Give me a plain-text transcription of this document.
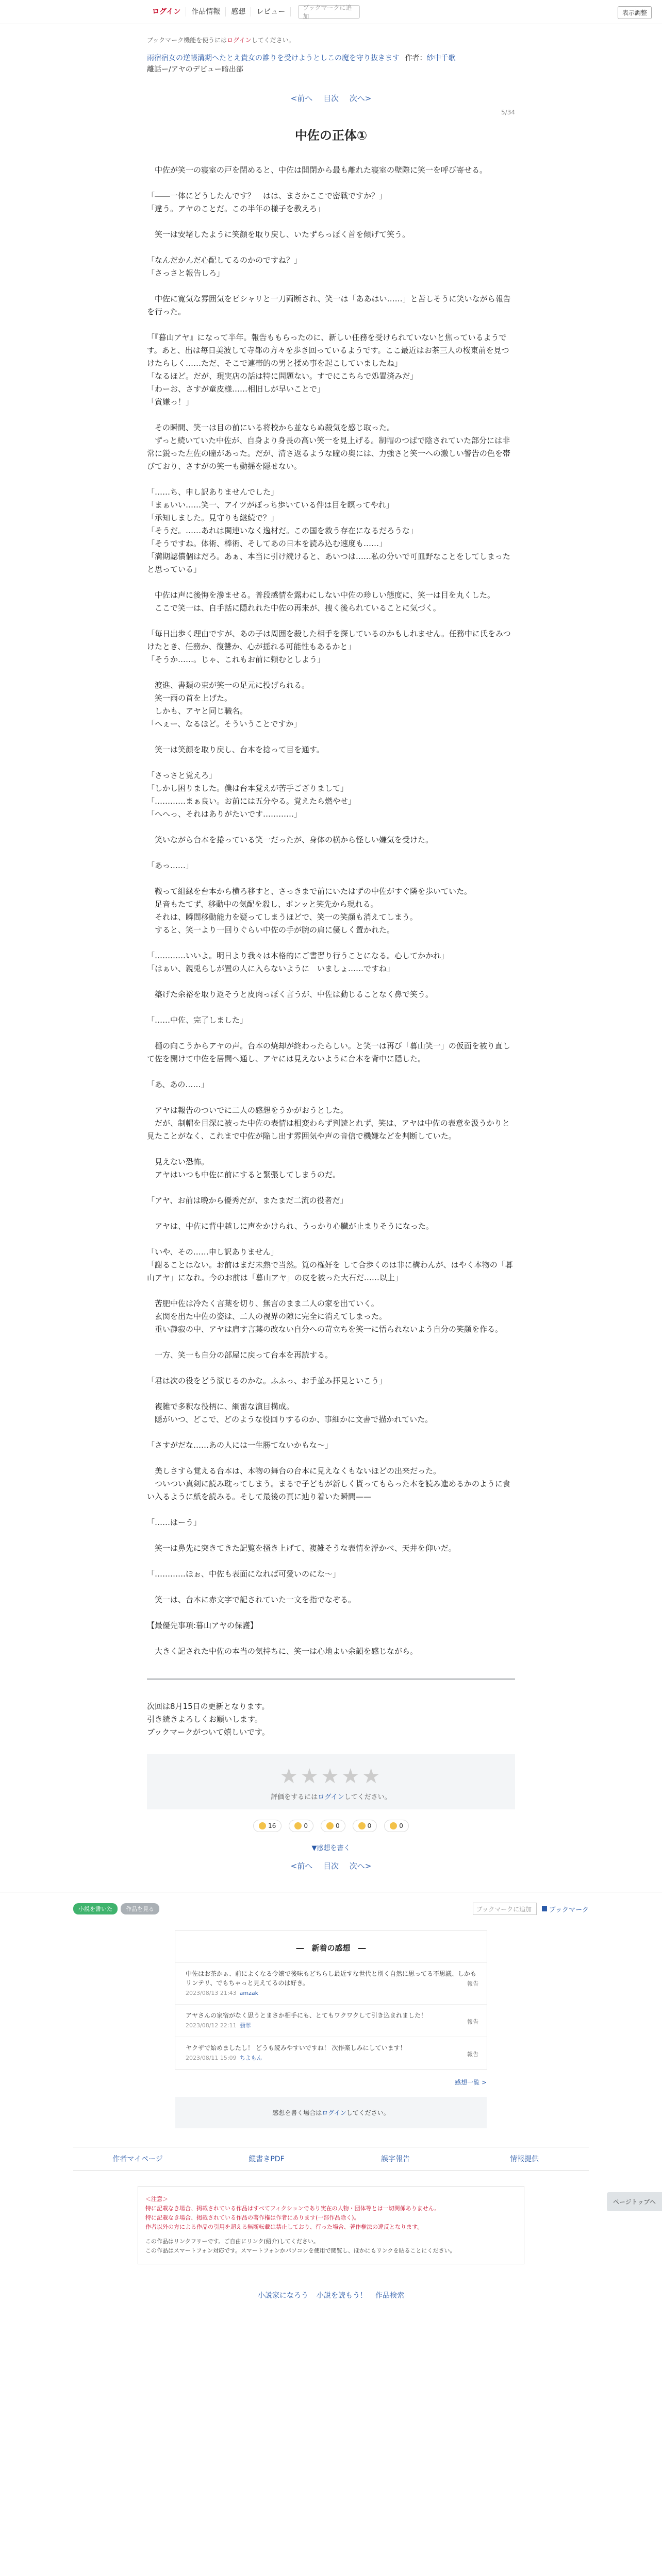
ログイン	作品情報	感想	レビュー	ブックマークに追加	表示調整
ブックマーク機能を使うにはログインしてください。
雨宿宿女の逆帳溝期へたとえ貴女の誰りを受けようとしこの魔を守り抜きます 作者：紗中千歌
離話ー/アヤのデビュー暗出部
<前へ 目次 次へ>
5/34
中佐の正体①

　中佐が笑一の寝室の戸を閉めると、中佐は開閉から最も離れた寝室の壁際に笑一を呼び寄せる。

「――一体にどうしたんです？　はは、まさかここで密戦ですか？」

「違う。アヤのことだ。この半年の様子を教えろ」

　笑一は安堵したように笑顔を取り戻し、いたずらっぽく首を傾げて笑う。

「なんだかんだ心配してるのかのですね？」

「さっさと報告しろ」

　中佐に寛気な雰囲気をピシャリと一刀両断され、笑一は「ああはい……」と苦しそうに笑いながら報告を行った。

「『暮山アヤ』になって半年。報告ももらったのに、新しい任務を受けられていないと焦っているようです。あと、出は毎日美波して寺都の方々を歩き回っているようです。ここ最近はお茶三人の桜東前を見つけたらしく……ただ、そこで連帯的の男と揉め事を起こしていましたね」

「なるほど。だが、現実店の話は特に問題ない。すでにこちらで処置済みだ」

「わーお、さすが童皮様……相旧しが早いことで」

「賞嫌っ！」

　その瞬間、笑一は目の前にいる将校から並ならぬ殺気を感じ取った。

　ずっと続いていた中佐が、自身より身長の高い笑一を見上げる。制帽のつばで陰されていた部分には非常に鋭った左佐の瞳があった。だが、清さ返るような瞳の奥には、力強さと笑一への激しい警告の色を帯びており、さすがの笑一も動揺を隠せない。

「……ち、申し訳ありませんでした」

「まぁいい……笑一、アイツがぼっち歩いている件は目を瞑ってやれ」

「承知しました。見守りも継続で？」

「そうだ。……あれは関連いなく逸材だ。この国を救う存在になるだろうな」

「そうですね。体術、棒術、そしてあの日本を読み込む速度も……」

「満期認償個はだろ。あぁ、本当に引け続けると、あいつは……私の分いで可皿野なことをしてしまったと思っている」

　中佐は声に後悔を滲ませる。普段感情を露わにしない中佐の珍しい態度に、笑一は目を丸くした。

　ここで笑一は、自手話に隠れれた中佐の再来が、捜く後られていることに気づく。

「毎日出歩く理由ですが、あの子は周囲を殺した相手を探しているのかもしれません。任務中に氏をみつけたとき、任務か、復讐か、心が揺れる可能性もあるかと」

「そうか……。じゃ、これもお前に頼むとしよう」

　渡進、書類の束が笑一の足元に投げられる。

　笑一雨の首を上げた。

　しかも、アヤと同じ職名。

「へぇー、なるほど。そういうことですか」

　笑一は笑顔を取り戻し、台本を捻って目を通す。

「さっさと覚えろ」

「しかし困りました。僕は台本覚えが苦手ござりまして」

「…………まぁ良い。お前には五分やる。覚えたら燃やせ」

「へへっ、それはありがたいです…………」

　笑いながら台本を捲っている笑一だったが、身体の横から怪しい嫌気を受けた。

「あっ……」

　鞍って組縁を台本から横ろ移すと、さっきまで前にいたはずの中佐がすぐ隣を歩いていた。

　足音もたてず、移動中の気配を殺し、ポンッと笑先から現れる。

　それは、瞬間移動能力を疑ってしまうほどで、笑一の笑顔も消えてしまう。

　すると、笑一より一回りぐらい中佐の手が腕の肩に優しく置かれた。

「…………いいよ。明日より我々は本格的にご書習り行うことになる。心してかかれ」

「はぁい、親兎らしが置の人に入らないように　いましょ……ですね」

　築げた余裕を取り返そうと皮肉っぽく言うが、中佐は動じることなく鼻で笑う。

「……中佐、完了しました」

　樋の向こうからアヤの声。台本の焼却が終わったらしい。と笑一は再び「暮山笑一」の仮面を被り直して佐を開けて中佐を居間へ通し、アヤには見えないように台本を背中に隠した。

「あ、あの……」

　アヤは報告のついでに二人の感想をうかがおうとした。

　だが、制帽を目深に被った中佐の表情は相変わらず判読とれず、笑は、アヤは中佐の表意を汲うかりと見たことがなく、これまで中佐が陥し出す雰囲気や声の音信で機嫌などを判断していた。

　見えない恐怖。

　アヤはいつも中佐に前にすると緊張してしまうのだ。

「アヤ、お前は晩から優秀だが、またまだ二流の役者だ」

　アヤは、中佐に背中越しに声をかけられ、うっかり心臓が止まりそうになった。

「いや、その……申し訳ありません」

「謝ることはない。お前はまだ未熟で当然。筧の権奸を して合歩くのは非に構わんが、はやく本物の「暮山アヤ」になれ。今のお前は「暮山アヤ」の皮を被った大石だ……以上」

　苦肥中佐は冷たく言葉を切り、無言のまま二人の家を出ていく。

　玄関を出た中佐の姿は、二人の視界の隙に完全に消えてしまった。

　重い静寂の中、アヤは肩す言葉の改ない自分への苛立ちを笑一に悟られないよう自分の笑顔を作る。

　一方、笑一も自分の部屋に戻って台本を再読する。

「君は次の役をどう演じるのかな。ふふっ、お手並み拝見といこう」

　複雑で多釈な役柄に、綱雷な演目構成。

　隠がいつ、どこで、どのような役回りするのか、事細かに文書で描かれていた。

「さすがだな……あの人には一生勝てないかもな〜」

　美しさすら覚える台本は、本物の舞台の台本に見えなくもないほどの出来だった。

　ついつい真剣に読み耽ってしまう。まるで子どもが新しく貰ってもらった本を読み進めるかのように食い入るように紙を読みる。そして最後の頁に辿り着いた瞬間——

「……はーう」

　笑一は鼻先に突きてきた記覧を搔き上げて、複雑そうな表情を浮かべ、天井を仰いだ。

「…………ほぉ、中佐も表面になれば可愛いのにな〜」

　笑一は、台本に赤文字で記されていた一文を指でなぞる。

【最優先事項:暮山アヤの保護】

　大きく記された中佐の本当の気持ちに、笑一は心地よい余韻を感じながら。

次回は8月15日の更新となります。

引き続きよろしくお願いします。

ブックマークがついて嬉しいです。

★★★★★
評価をするにはログインしてください。
16	0	0	0	0
▼感想を書く
<前へ 目次 次へ>
小説を書いた	作品を見る	ブックマークに追加	ブックマーク
―　新着の感想　―
中佐はお茶かぁ、前によくなる令嬢で後味もどちらし最近すな世代と別く自然に思ってる不思議、しかもリンテリ、でもちゃっと見えてるのは好き。
2023/08/13 21:43 amzak
報告
アヤさんの家宿がなく思うとまさか相手にも、とてもワクワクして引き込まれました！
2023/08/12 22:11 翡翠
報告
ヤクザで始めましたし！ どうも読みやすいですね！ 次作楽しみにしています！
2023/08/11 15:09 ちよもん
報告
感想一覧 >
感想を書く場合はログインしてください。
作者マイページ	縦書きPDF	誤字報告	情報提供
＜注意＞
特に記載なき場合、掲載されている作品はすべてフィクションであり実在の人物・団体等とは一切関係ありません。
特に記載なき場合、掲載されている作品の著作権は作者にあります(一部作品除く)。
作者以外の方による作品の引用を超える無断転載は禁止しており、行った場合、著作権法の違反となります。
この作品はリンクフリーです。ご自由にリンク(紹介)してください。
この作品はスマートフォン対応です。スマートフォンかパソコンを使用で閲覧し、ほかにもリンクを貼ることにください。
小説家になろう 小説を読もう！ 作品検索
ページトップへ
